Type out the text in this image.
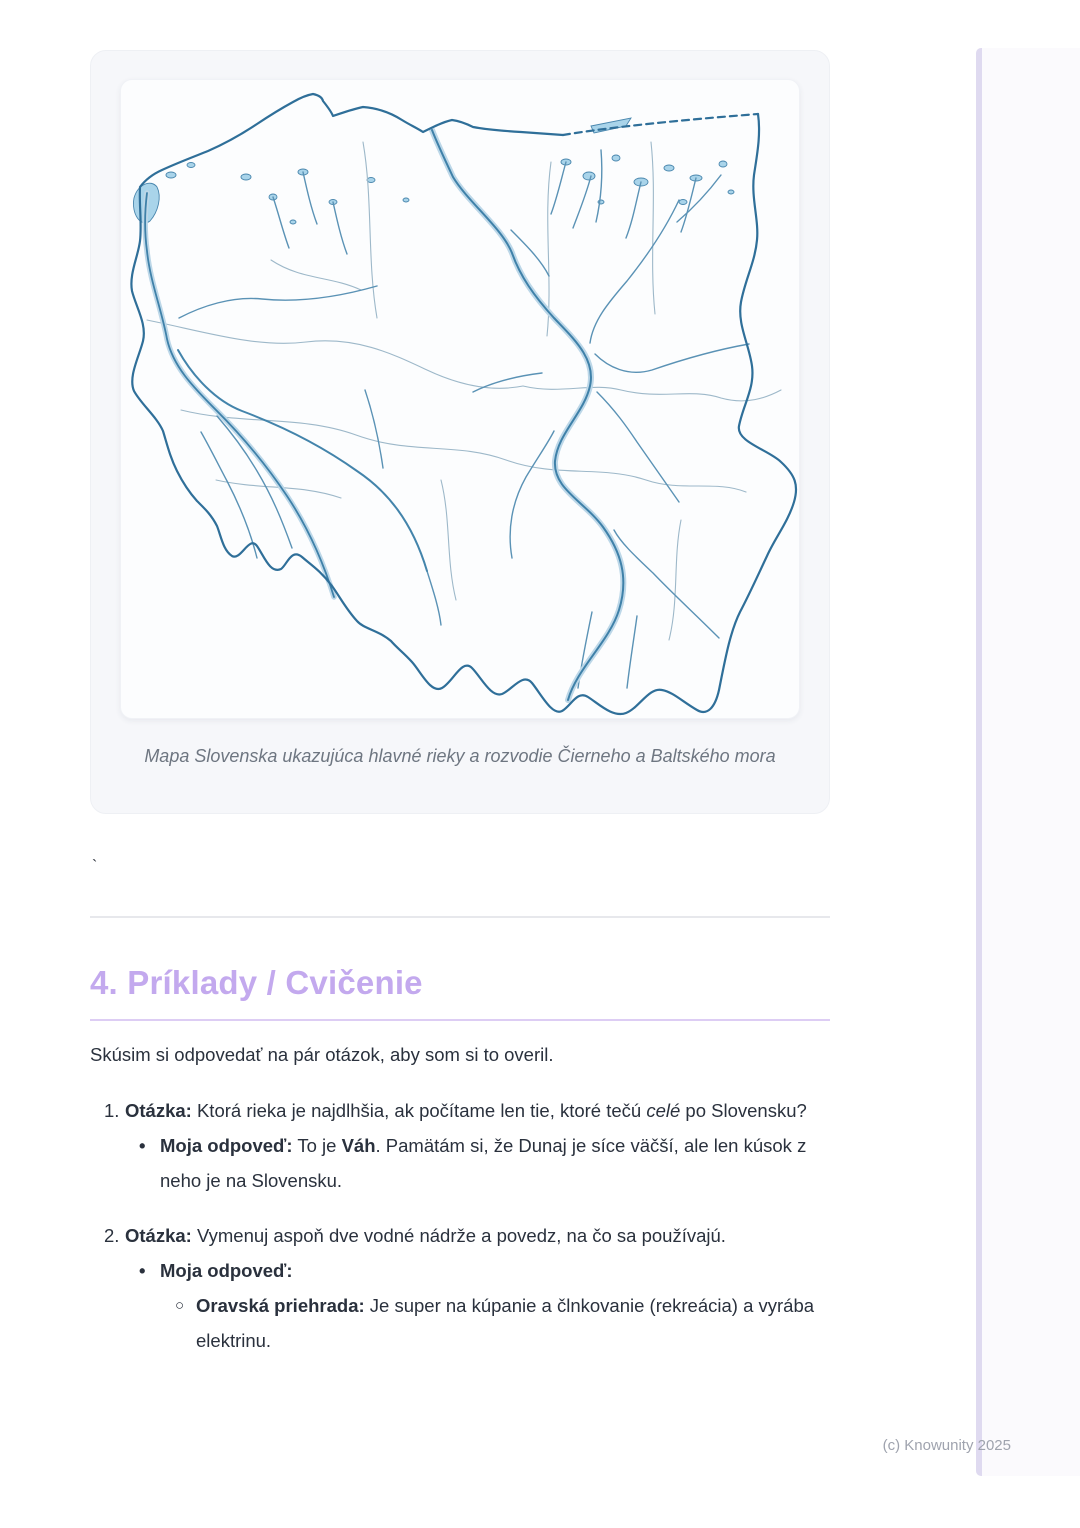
Mapa Slovenska ukazujúca hlavné rieky a rozvodie Čierneho a Baltského mora
`
4. Príklady / Cvičenie

Skúsim si odpovedať na pár otázok, aby som si to overil.

1. Otázka: Ktorá rieka je najdlhšia, ak počítame len tie, ktoré tečú celé po Slovensku?
• Moja odpoveď: To je Váh. Pamätám si, že Dunaj je síce väčší, ale len kúsok z neho je na Slovensku.
2. Otázka: Vymenuj aspoň dve vodné nádrže a povedz, na čo sa používajú.
• Moja odpoveď:
○ Oravská priehrada: Je super na kúpanie a člnkovanie (rekreácia) a vyrába elektrinu.
(c) Knowunity 2025
